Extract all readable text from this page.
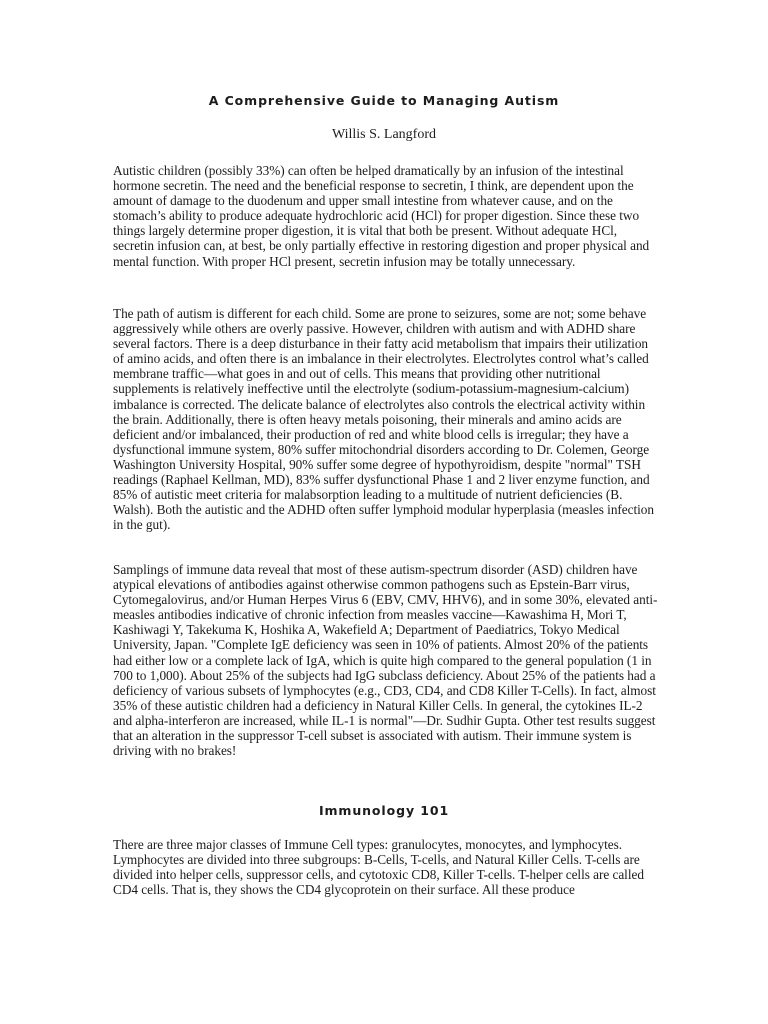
A Comprehensive Guide to Managing Autism

Willis S. Langford

Autistic children (possibly 33%) can often be helped dramatically by an infusion of the intestinal hormone secretin. The need and the beneficial response to secretin, I think, are dependent upon the amount of damage to the duodenum and upper small intestine from whatever cause, and on the stomach’s ability to produce adequate hydrochloric acid (HCl) for proper digestion. Since these two things largely determine proper digestion, it is vital that both be present. Without adequate HCl, secretin infusion can, at best, be only partially effective in restoring digestion and proper physical and mental function. With proper HCl present, secretin infusion may be totally unnecessary.

The path of autism is different for each child. Some are prone to seizures, some are not; some behave aggressively while others are overly passive. However, children with autism and with ADHD share several factors. There is a deep disturbance in their fatty acid metabolism that impairs their utilization of amino acids, and often there is an imbalance in their electrolytes. Electrolytes control what’s called membrane traffic—what goes in and out of cells. This means that providing other nutritional supplements is relatively ineffective until the electrolyte (sodium-potassium-magnesium-calcium) imbalance is corrected. The delicate balance of electrolytes also controls the electrical activity within the brain. Additionally, there is often heavy metals poisoning, their minerals and amino acids are deficient and/or imbalanced, their production of red and white blood cells is irregular; they have a dysfunctional immune system, 80% suffer mitochondrial disorders according to Dr. Colemen, George Washington University Hospital, 90% suffer some degree of hypothyroidism, despite "normal" TSH readings (Raphael Kellman, MD), 83% suffer dysfunctional Phase 1 and 2 liver enzyme function, and 85% of autistic meet criteria for malabsorption leading to a multitude of nutrient deficiencies (B. Walsh). Both the autistic and the ADHD often suffer lymphoid modular hyperplasia (measles infection in the gut).

Samplings of immune data reveal that most of these autism-spectrum disorder (ASD) children have atypical elevations of antibodies against otherwise common pathogens such as Epstein-Barr virus, Cytomegalovirus, and/or Human Herpes Virus 6 (EBV, CMV, HHV6), and in some 30%, elevated anti-measles antibodies indicative of chronic infection from measles vaccine—Kawashima H, Mori T, Kashiwagi Y, Takekuma K, Hoshika A, Wakefield A; Department of Paediatrics, Tokyo Medical University, Japan. "Complete IgE deficiency was seen in 10% of patients. Almost 20% of the patients had either low or a complete lack of IgA, which is quite high compared to the general population (1 in 700 to 1,000). About 25% of the subjects had IgG subclass deficiency. About 25% of the patients had a deficiency of various subsets of lymphocytes (e.g., CD3, CD4, and CD8 Killer T-Cells). In fact, almost 35% of these autistic children had a deficiency in Natural Killer Cells. In general, the cytokines IL-2 and alpha-interferon are increased, while IL-1 is normal"—Dr. Sudhir Gupta. Other test results suggest that an alteration in the suppressor T-cell subset is associated with autism. Their immune system is driving with no brakes!

Immunology 101

There are three major classes of Immune Cell types: granulocytes, monocytes, and lymphocytes. Lymphocytes are divided into three subgroups: B-Cells, T-cells, and Natural Killer Cells. T-cells are divided into helper cells, suppressor cells, and cytotoxic CD8, Killer T-cells. T-helper cells are called CD4 cells. That is, they shows the CD4 glycoprotein on their surface. All these produce
